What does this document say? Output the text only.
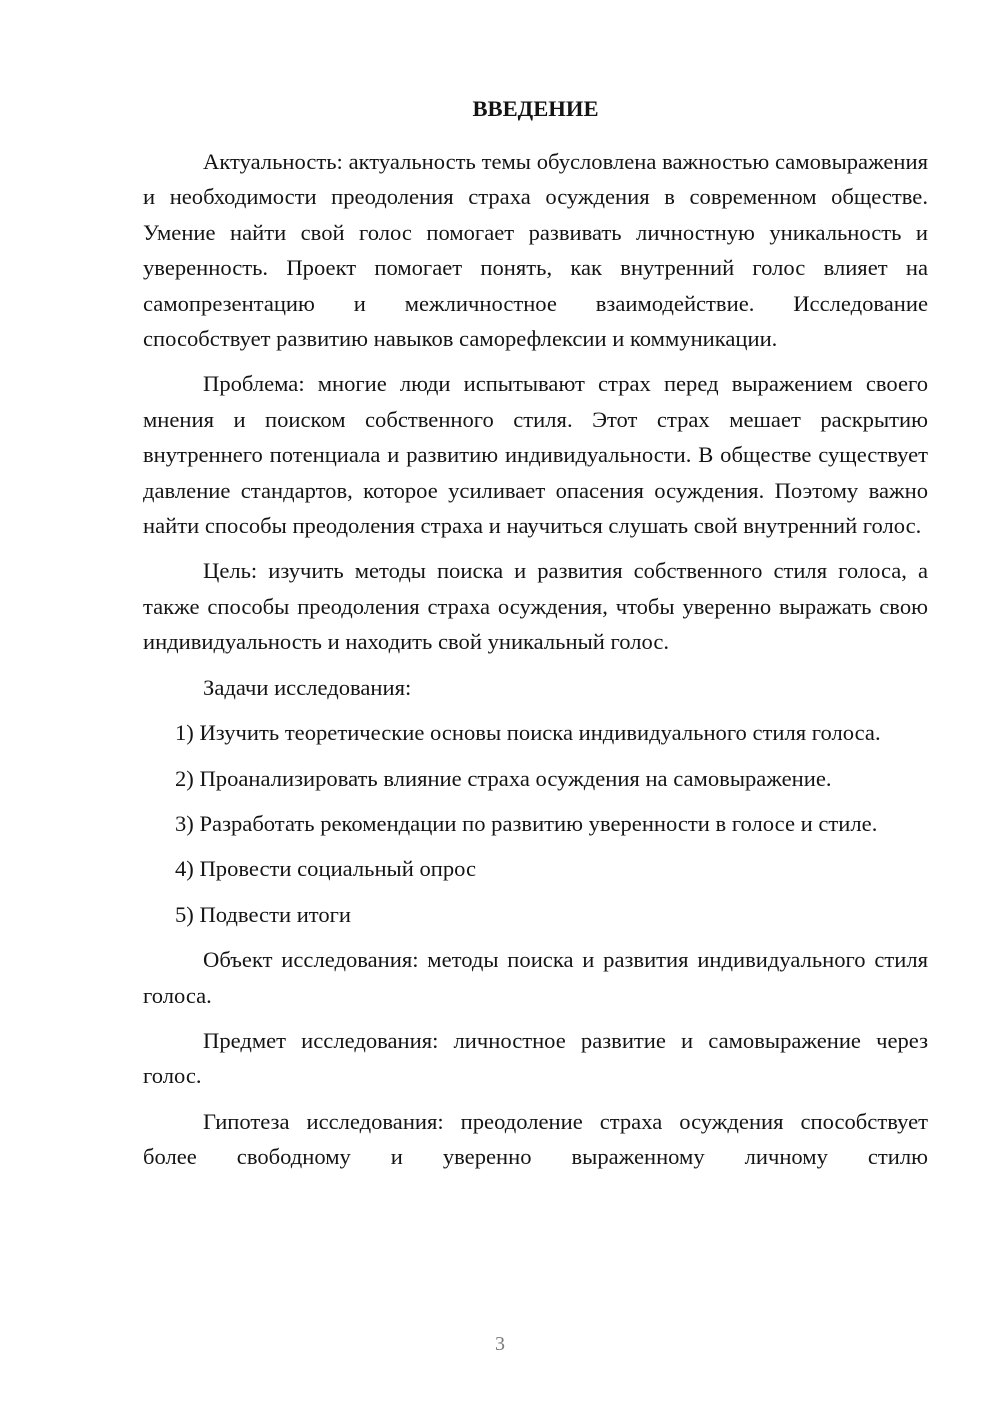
ВВЕДЕНИЕ

Актуальность: актуальность темы обусловлена важностью самовыражения и необходимости преодоления страха осуждения в современном обществе. Умение найти свой голос помогает развивать личностную уникальность и уверенность. Проект помогает понять, как внутренний голос влияет на самопрезентацию и межличностное взаимодействие. Исследование способствует развитию навыков саморефлексии и коммуникации.

Проблема: многие люди испытывают страх перед выражением своего мнения и поиском собственного стиля. Этот страх мешает раскрытию внутреннего потенциала и развитию индивидуальности. В обществе существует давление стандартов, которое усиливает опасения осуждения. Поэтому важно найти способы преодоления страха и научиться слушать свой внутренний голос.

Цель: изучить методы поиска и развития собственного стиля голоса, а также способы преодоления страха осуждения, чтобы уверенно выражать свою индивидуальность и находить свой уникальный голос.

Задачи исследования:

1) Изучить теоретические основы поиска индивидуального стиля голоса.

2) Проанализировать влияние страха осуждения на самовыражение.

3) Разработать рекомендации по развитию уверенности в голосе и стиле.

4) Провести социальный опрос

5) Подвести итоги

Объект исследования: методы поиска и развития индивидуального стиля голоса.

Предмет исследования: личностное развитие и самовыражение через голос.

Гипотеза исследования: преодоление страха осуждения способствует более свободному и уверенно выраженному личному стилю

3
